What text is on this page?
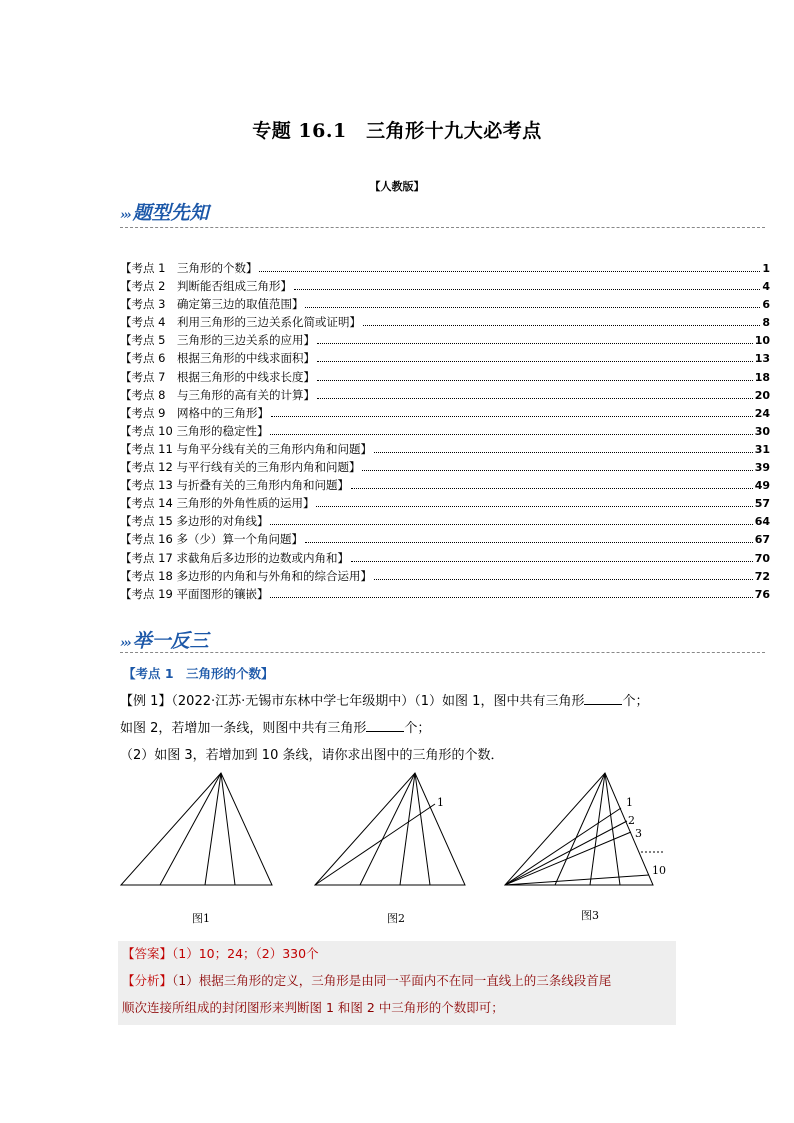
专题 16.1　三角形十九大必考点
【人教版】
››› 题型先知
【考点 1　 三角形的个数】	1
【考点 2　 判断能否组成三角形】	4
【考点 3　 确定第三边的取值范围】	6
【考点 4　 利用三角形的三边关系化简或证明】	8
【考点 5　 三角形的三边关系的应用】	10
【考点 6　 根据三角形的中线求面积】	13
【考点 7　 根据三角形的中线求长度】	18
【考点 8　 与三角形的高有关的计算】	20
【考点 9　 网格中的三角形】	24
【考点 10 三角形的稳定性】	30
【考点 11 与角平分线有关的三角形内角和问题】	31
【考点 12 与平行线有关的三角形内角和问题】	39
【考点 13 与折叠有关的三角形内角和问题】	49
【考点 14 三角形的外角性质的运用】	57
【考点 15 多边形的对角线】	64
【考点 16 多（少）算一个角问题】	67
【考点 17 求截角后多边形的边数或内角和】	70
【考点 18 多边形的内角和与外角和的综合运用】	72
【考点 19 平面图形的镶嵌】	76
››› 举一反三
【考点 1　三角形的个数】
【例 1】（2022·江苏·无锡市东林中学七年级期中）（1）如图 1，图中共有三角形	个；
如图 2，若增加一条线，则图中共有三角形	个；
（2）如图 3，若增加到 10 条线，请你求出图中的三角形的个数．
1	1
2
3
10
图1	图2	图3
【答案】（1）10；24；（2）330个
【分析】（1）根据三角形的定义，三角形是由同一平面内不在同一直线上的三条线段首尾
顺次连接所组成的封闭图形来判断图 1 和图 2 中三角形的个数即可；
